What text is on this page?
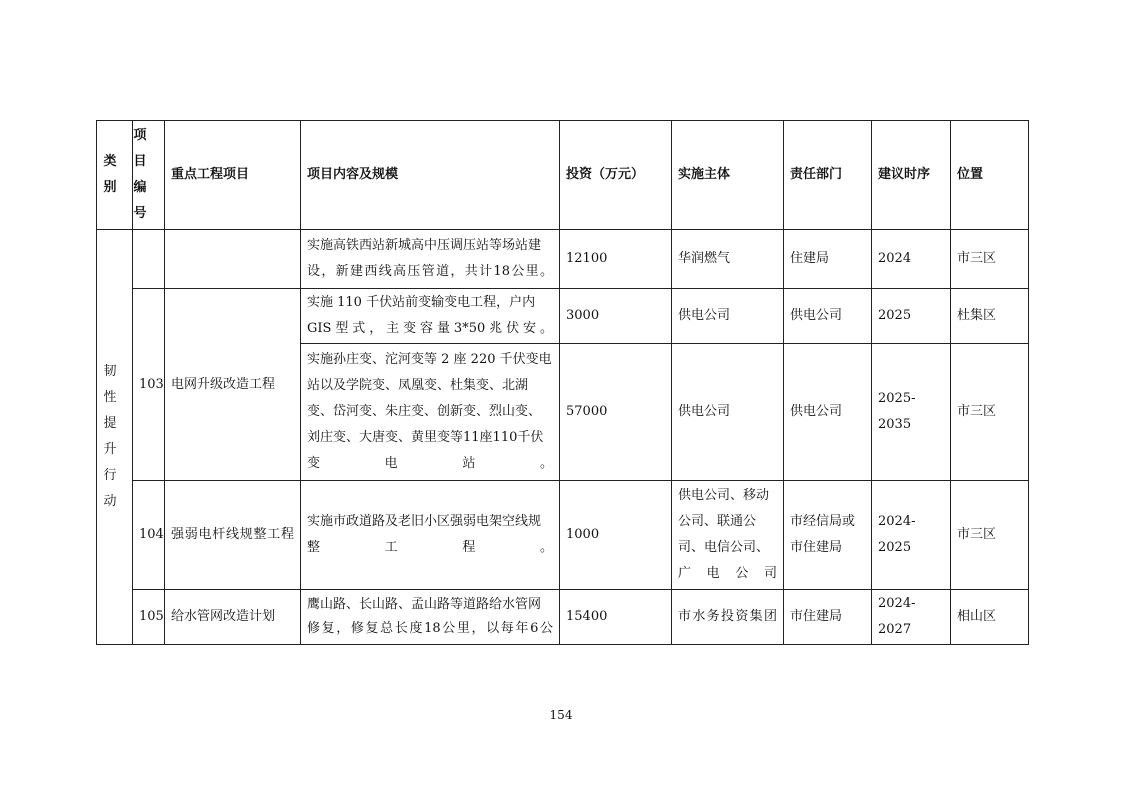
类别	项目编号	重点工程项目	项目内容及规模	投资（万元）	实施主体	责任部门	建议时序	位置
韧性提升行动			实施高铁西站新城高中压调压站等场站建设，新建西线高压管道，共计18公里。	12100	华润燃气	住建局	2024	市三区
	103	电网升级改造工程	实施 110 千伏站前变输变电工程，户内GIS型式，主变容量3*50兆伏安。	3000	供电公司	供电公司	2025	杜集区
			实施孙庄变、沱河变等 2 座 220 千伏变电站以及学院变、凤凰变、杜集变、北湖变、岱河变、朱庄变、创新变、烈山变、刘庄变、大唐变、黄里变等11座110千伏变电站。	57000	供电公司	供电公司	2025-2035	市三区
	104	强弱电杆线规整工程	实施市政道路及老旧小区强弱电架空线规整工程。	1000	供电公司、移动公司、联通公司、电信公司、广电公司	市经信局或市住建局	2024-2025	市三区
	105	给水管网改造计划	鹰山路、长山路、孟山路等道路给水管网修复，修复总长度18公里，以每年6公	15400	市水务投资集团	市住建局	2024-2027	相山区
154
